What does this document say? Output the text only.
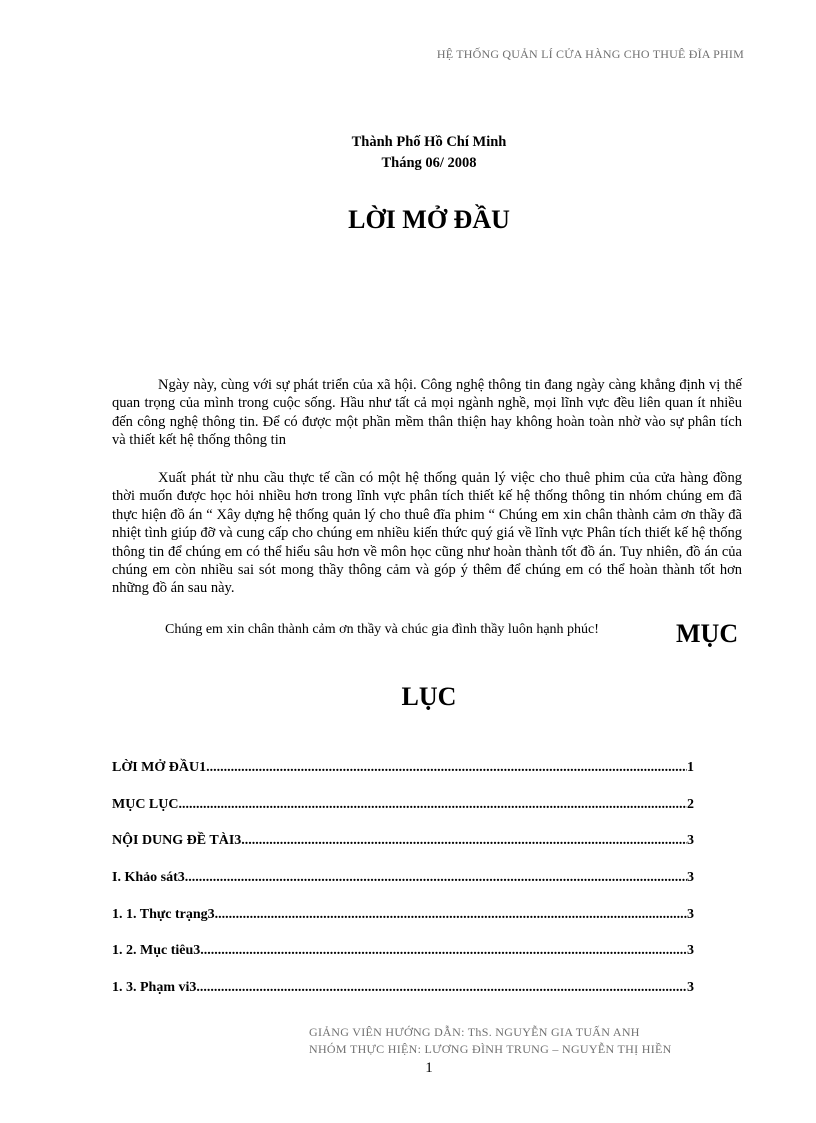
HỆ THỐNG QUẢN LÍ CỬA HÀNG CHO THUÊ ĐĨA PHIM
Thành Phố Hồ Chí Minh
Tháng 06/ 2008
LỜI MỞ ĐẦU

Ngày này, cùng với sự phát triển của xã hội. Công nghệ thông tin đang ngày càng khẳng định vị thế quan trọng của mình trong cuộc sống. Hầu như tất cả mọi ngành nghề, mọi lĩnh vực đều liên quan ít nhiều đến công nghệ thông tin. Để có được một phần mềm thân thiện hay không hoàn toàn nhờ vào sự phân tích và thiết kết hệ thống thông tin

Xuất phát từ nhu cầu thực tế cần có một hệ thống quản lý việc cho thuê phim của cửa hàng đồng thời muốn được học hỏi nhiều hơn trong lĩnh vực phân tích thiết kế hệ thống thông tin nhóm chúng em đã thực hiện đồ án “ Xây dựng hệ thống quản lý cho thuê đĩa phim “ Chúng em xin chân thành cảm ơn thầy đã nhiệt tình giúp đỡ và cung cấp cho chúng em nhiều kiến thức quý giá về lĩnh vực Phân tích thiết kế hệ thống thông tin để chúng em có thể hiểu sâu hơn về môn học cũng như hoàn thành tốt đồ án. Tuy nhiên, đồ án của chúng em còn nhiều sai sót mong thầy thông cảm và góp ý thêm để chúng em có thể hoàn thành tốt hơn những đồ án sau này.

Chúng em xin chân thành cảm ơn thầy và chúc gia đình thầy luôn hạnh phúc!	MỤC
LỤC
LỜI MỞ ĐẦU1 .....	1
MỤC LỤC .....	2
NỘI DUNG ĐỀ TÀI3 .....	3
I. Khảo sát3 .....	3
1. 1. Thực trạng3 .....	3
1. 2. Mục tiêu3 .....	3
1. 3. Phạm vi3 .....	3
GIẢNG VIÊN HƯỚNG DẪN: ThS. NGUYỄN GIA TUẤN ANH
NHÓM THỰC HIỆN: LƯƠNG ĐÌNH TRUNG – NGUYỄN THỊ HIỀN
1
